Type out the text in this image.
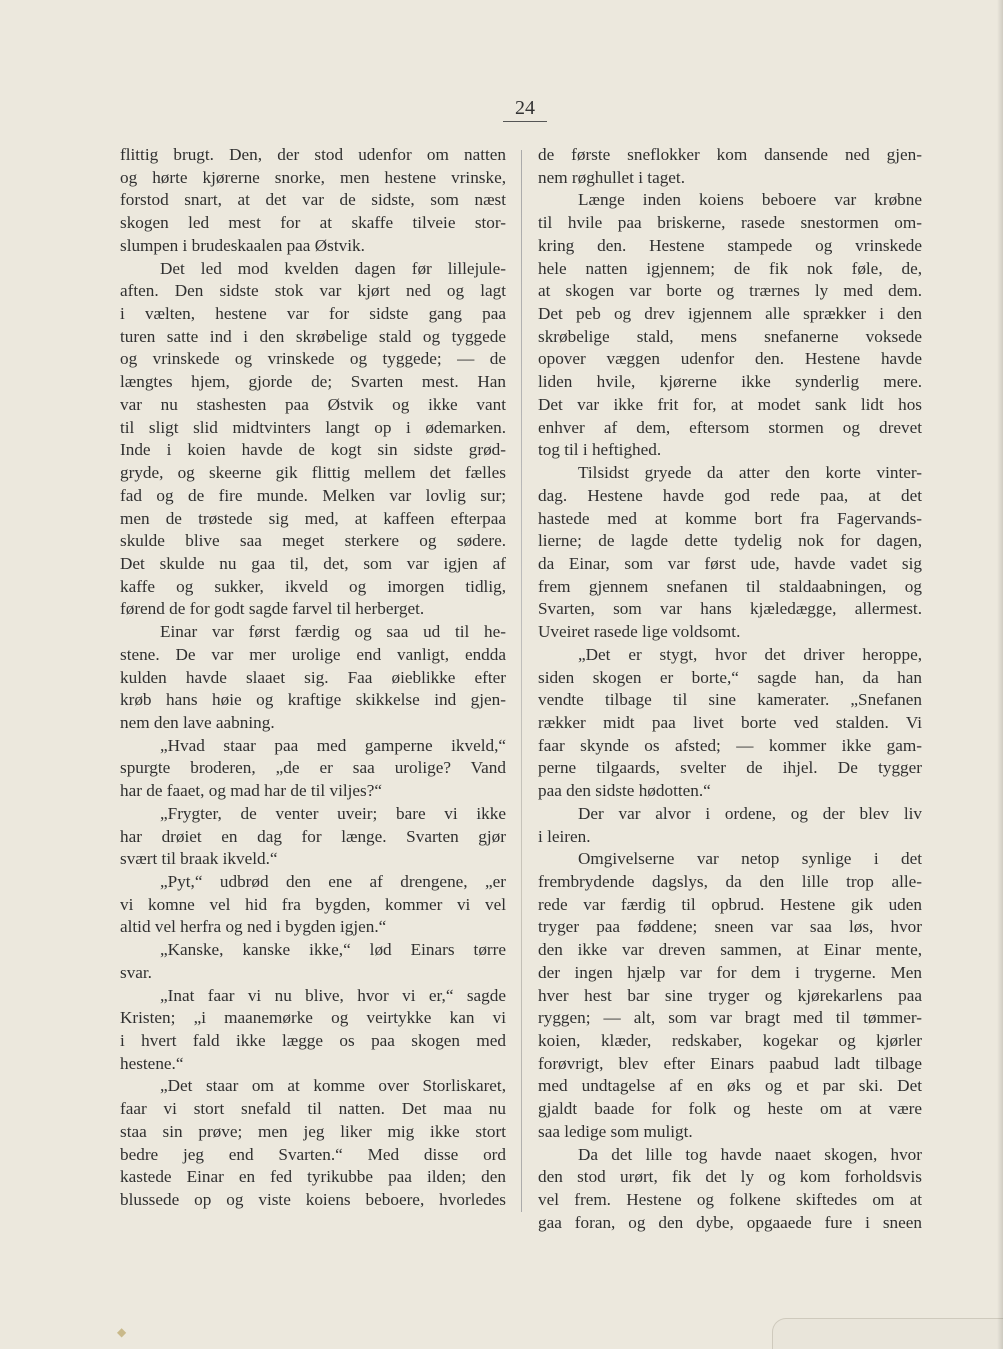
24
flittig brugt. Den, der stod udenfor om natten
og hørte kjørerne snorke, men hestene vrinske,
forstod snart, at det var de sidste, som næst
skogen led mest for at skaffe tilveie stor-
slumpen i brudeskaalen paa Østvik.
Det led mod kvelden dagen før lillejule-
aften. Den sidste stok var kjørt ned og lagt
i vælten, hestene var for sidste gang paa
turen satte ind i den skrøbelige stald og tyggede
og vrinskede og vrinskede og tyggede; — de
længtes hjem, gjorde de; Svarten mest. Han
var nu stashesten paa Østvik og ikke vant
til sligt slid midtvinters langt op i ødemarken.
Inde i koien havde de kogt sin sidste grød-
gryde, og skeerne gik flittig mellem det fælles
fad og de fire munde. Melken var lovlig sur;
men de trøstede sig med, at kaffeen efterpaa
skulde blive saa meget sterkere og sødere.
Det skulde nu gaa til, det, som var igjen af
kaffe og sukker, ikveld og imorgen tidlig,
førend de for godt sagde farvel til herberget.
Einar var først færdig og saa ud til he-
stene. De var mer urolige end vanligt, endda
kulden havde slaaet sig. Faa øieblikke efter
krøb hans høie og kraftige skikkelse ind gjen-
nem den lave aabning.
„Hvad staar paa med gamperne ikveld,“
spurgte broderen, „de er saa urolige? Vand
har de faaet, og mad har de til viljes?“
„Frygter, de venter uveir; bare vi ikke
har drøiet en dag for længe. Svarten gjør
svært til braak ikveld.“
„Pyt,“ udbrød den ene af drengene, „er
vi komne vel hid fra bygden, kommer vi vel
altid vel herfra og ned i bygden igjen.“
„Kanske, kanske ikke,“ lød Einars tørre
svar.
„Inat faar vi nu blive, hvor vi er,“ sagde
Kristen; „i maanemørke og veirtykke kan vi
i hvert fald ikke lægge os paa skogen med
hestene.“
„Det staar om at komme over Storliskaret,
faar vi stort snefald til natten. Det maa nu
staa sin prøve; men jeg liker mig ikke stort
bedre jeg end Svarten.“ Med disse ord
kastede Einar en fed tyrikubbe paa ilden; den
blussede op og viste koiens beboere, hvorledes
de første sneflokker kom dansende ned gjen-
nem røghullet i taget.
Længe inden koiens beboere var krøbne
til hvile paa briskerne, rasede snestormen om-
kring den. Hestene stampede og vrinskede
hele natten igjennem; de fik nok føle, de,
at skogen var borte og trærnes ly med dem.
Det peb og drev igjennem alle sprækker i den
skrøbelige stald, mens snefanerne voksede
opover væggen udenfor den. Hestene havde
liden hvile, kjørerne ikke synderlig mere.
Det var ikke frit for, at modet sank lidt hos
enhver af dem, eftersom stormen og drevet
tog til i heftighed.
Tilsidst gryede da atter den korte vinter-
dag. Hestene havde god rede paa, at det
hastede med at komme bort fra Fagervands-
lierne; de lagde dette tydelig nok for dagen,
da Einar, som var først ude, havde vadet sig
frem gjennem snefanen til staldaabningen, og
Svarten, som var hans kjæledægge, allermest.
Uveiret rasede lige voldsomt.
„Det er stygt, hvor det driver heroppe,
siden skogen er borte,“ sagde han, da han
vendte tilbage til sine kamerater. „Snefanen
rækker midt paa livet borte ved stalden. Vi
faar skynde os afsted; — kommer ikke gam-
perne tilgaards, svelter de ihjel. De tygger
paa den sidste hødotten.“
Der var alvor i ordene, og der blev liv
i leiren.
Omgivelserne var netop synlige i det
frembrydende dagslys, da den lille trop alle-
rede var færdig til opbrud. Hestene gik uden
tryger paa føddene; sneen var saa løs, hvor
den ikke var dreven sammen, at Einar mente,
der ingen hjælp var for dem i trygerne. Men
hver hest bar sine tryger og kjørekarlens paa
ryggen; — alt, som var bragt med til tømmer-
koien, klæder, redskaber, kogekar og kjørler
forøvrigt, blev efter Einars paabud ladt tilbage
med undtagelse af en øks og et par ski. Det
gjaldt baade for folk og heste om at være
saa ledige som muligt.
Da det lille tog havde naaet skogen, hvor
den stod urørt, fik det ly og kom forholdsvis
vel frem. Hestene og folkene skiftedes om at
gaa foran, og den dybe, opgaaede fure i sneen
◆
